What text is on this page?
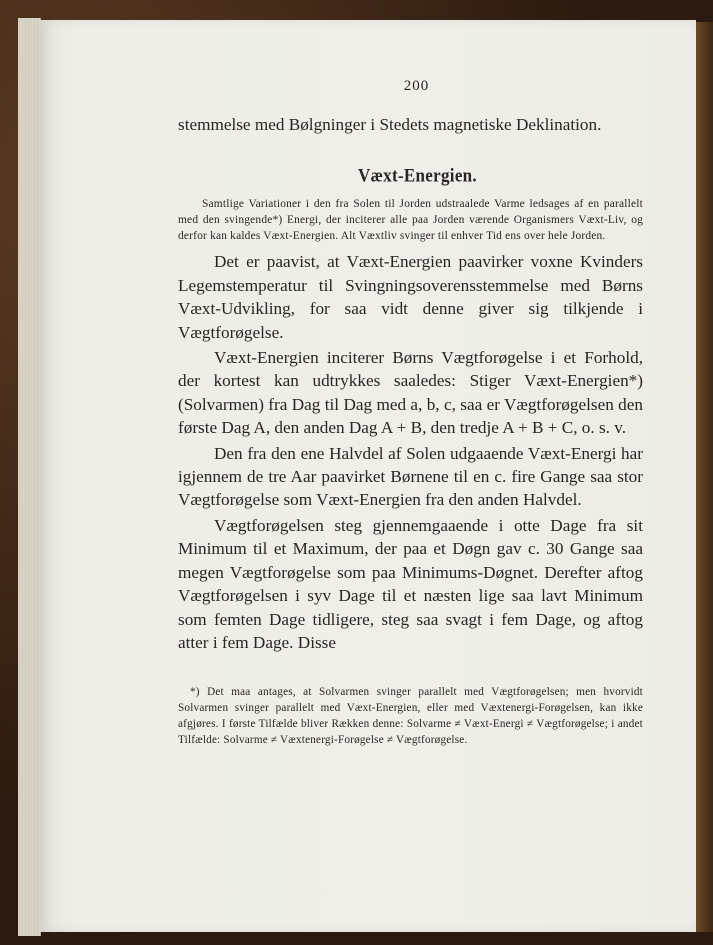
200

stemmelse med Bølgninger i Stedets magnetiske Deklination.

Væxt-Energien.

Samtlige Variationer i den fra Solen til Jorden udstraalede Varme ledsages af en parallelt med den svingende*) Energi, der inciterer alle paa Jorden værende Organismers Væxt-Liv, og derfor kan kaldes Væxt-Energien. Alt Væxtliv svinger til enhver Tid ens over hele Jorden.

Det er paavist, at Væxt-Energien paavirker voxne Kvinders Legemstemperatur til Svingningsoverensstemmelse med Børns Væxt-Udvikling, for saa vidt denne giver sig tilkjende i Vægtforøgelse.

Væxt-Energien inciterer Børns Vægtforøgelse i et Forhold, der kortest kan udtrykkes saaledes: Stiger Væxt-Energien*) (Solvarmen) fra Dag til Dag med a, b, c, saa er Vægtforøgelsen den første Dag A, den anden Dag A + B, den tredje A + B + C, o. s. v.

Den fra den ene Halvdel af Solen udgaaende Væxt-Energi har igjennem de tre Aar paavirket Børnene til en c. fire Gange saa stor Vægtforøgelse som Væxt-Energien fra den anden Halvdel.

Vægtforøgelsen steg gjennemgaaende i otte Dage fra sit Minimum til et Maximum, der paa et Døgn gav c. 30 Gange saa megen Vægtforøgelse som paa Minimums-Døgnet. Derefter aftog Vægtforøgelsen i syv Dage til et næsten lige saa lavt Minimum som femten Dage tidligere, steg saa svagt i fem Dage, og aftog atter i fem Dage. Disse

*) Det maa antages, at Solvarmen svinger parallelt med Vægtforøgelsen; men hvorvidt Solvarmen svinger parallelt med Væxt-Energien, eller med Væxtenergi-Forøgelsen, kan ikke afgjøres. I første Tilfælde bliver Rækken denne: Solvarme ≠ Væxt-Energi ≠ Vægtforøgelse; i andet Tilfælde: Solvarme ≠ Væxtenergi-Forøgelse ≠ Vægtforøgelse.
